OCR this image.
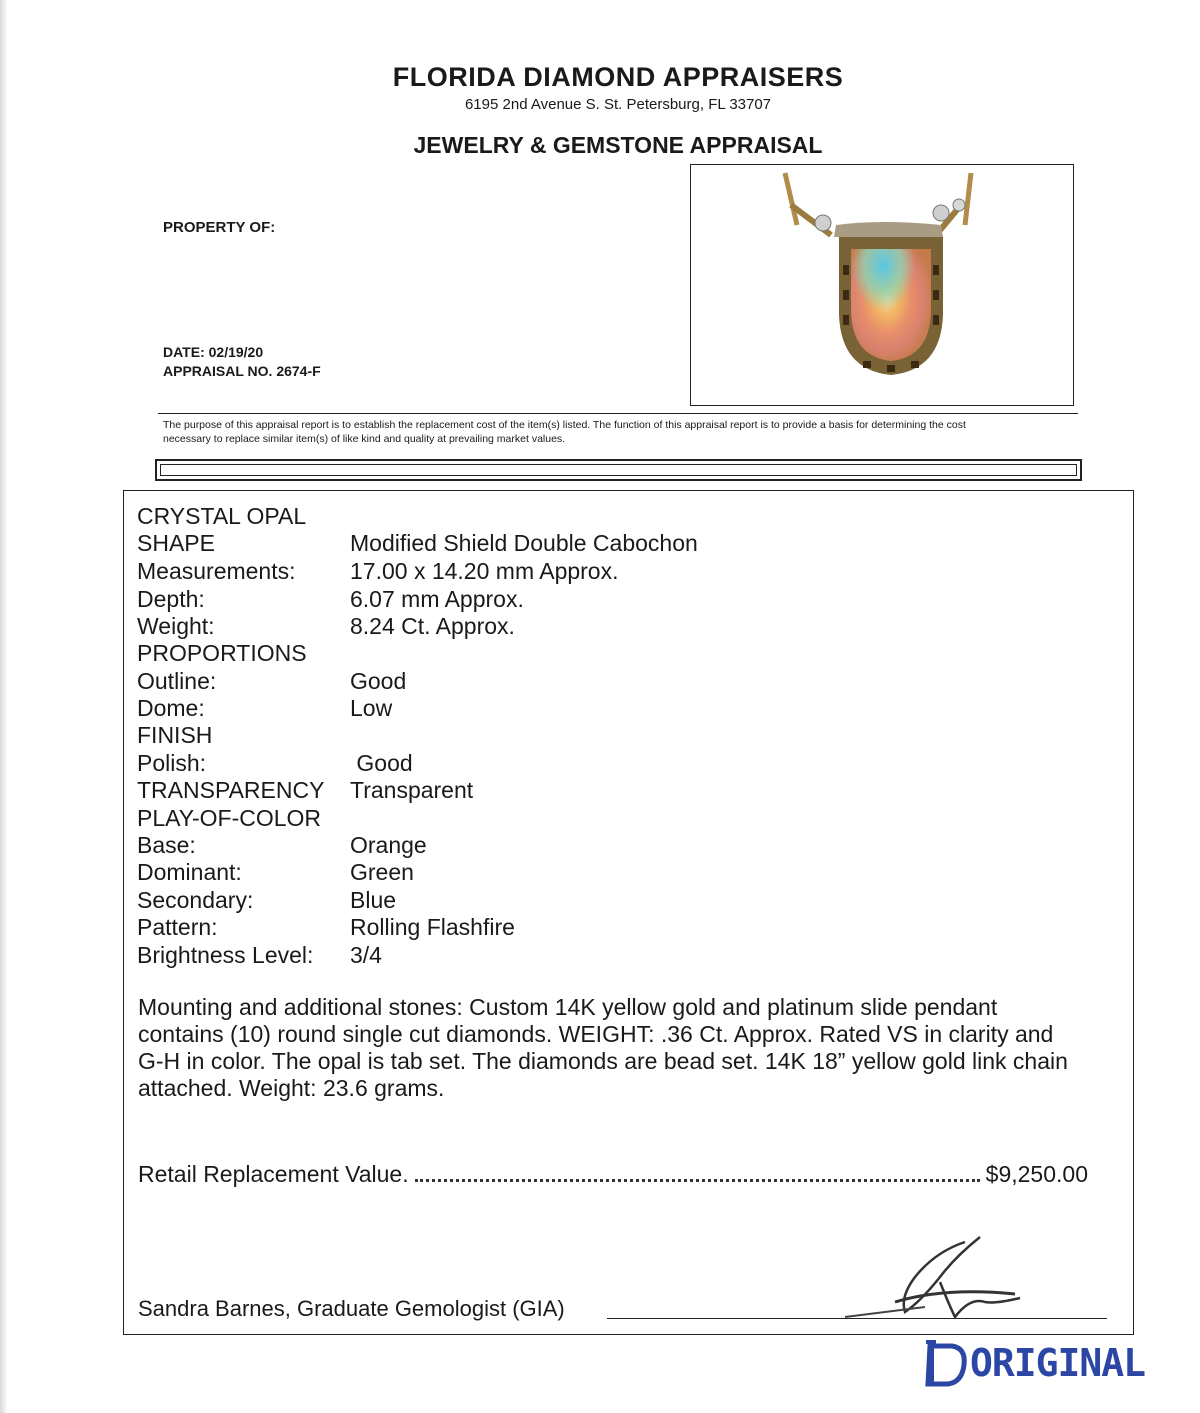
FLORIDA DIAMOND APPRAISERS
6195 2nd Avenue S. St. Petersburg, FL 33707
JEWELRY & GEMSTONE APPRAISAL
PROPERTY OF:
DATE: 02/19/20
APPRAISAL NO. 2674-F
The purpose of this appraisal report is to establish the replacement cost of the item(s) listed. The function of this appraisal report is to provide a basis for determining the cost
necessary to replace similar item(s) of like kind and quality at prevailing market values.
CRYSTAL OPAL
SHAPE	Modified Shield Double Cabochon
Measurements: 17.00 x 14.20 mm Approx.
Depth:	6.07 mm Approx.
Weight:	8.24 Ct. Approx.
PROPORTIONS
Outline:	Good
Dome:	Low
FINISH
Polish:	Good
TRANSPARENCY Transparent
PLAY-OF-COLOR
Base:	Orange
Dominant:	Green
Secondary:	Blue
Pattern:	Rolling Flashfire
Brightness Level: 3/4
Mounting and additional stones: Custom 14K yellow gold and platinum slide pendant
contains (10) round single cut diamonds. WEIGHT: .36 Ct. Approx. Rated VS in clarity and
G-H in color. The opal is tab set. The diamonds are bead set. 14K 18” yellow gold link chain
attached. Weight: 23.6 grams.
Retail Replacement Value.	$9,250.00
Sandra Barnes, Graduate Gemologist (GIA)
ORIGINAL
